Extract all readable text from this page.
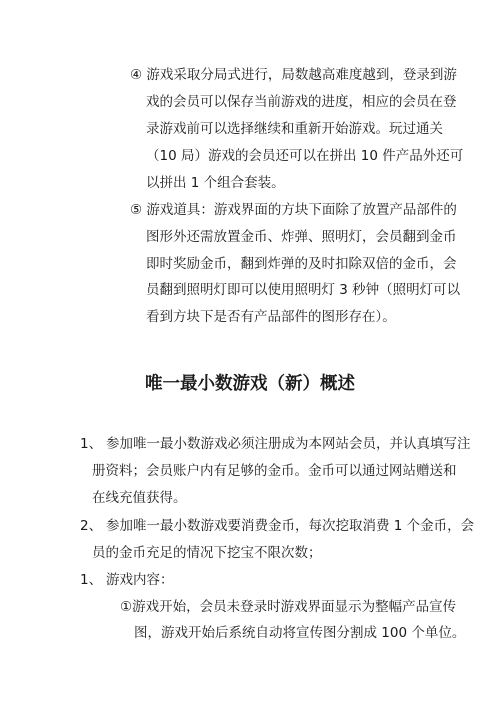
④ 游戏采取分局式进行，局数越高难度越到，登录到游
戏的会员可以保存当前游戏的进度，相应的会员在登
录游戏前可以选择继续和重新开始游戏。玩过通关
（10 局）游戏的会员还可以在拼出 10 件产品外还可
以拼出 1 个组合套装。
⑤ 游戏道具：游戏界面的方块下面除了放置产品部件的
图形外还需放置金币、炸弹、照明灯，会员翻到金币
即时奖励金币，翻到炸弹的及时扣除双倍的金币，会
员翻到照明灯即可以使用照明灯 3 秒钟（照明灯可以
看到方块下是否有产品部件的图形存在）。
唯一最小数游戏（新）概述
1、 参加唯一最小数游戏必须注册成为本网站会员，并认真填写注
册资料；会员账户内有足够的金币。金币可以通过网站赠送和
在线充值获得。
2、 参加唯一最小数游戏要消费金币，每次挖取消费 1 个金币，会
员的金币充足的情况下挖宝不限次数；
1、 游戏内容：
①游戏开始，会员未登录时游戏界面显示为整幅产品宣传
图，游戏开始后系统自动将宣传图分割成 100 个单位。
